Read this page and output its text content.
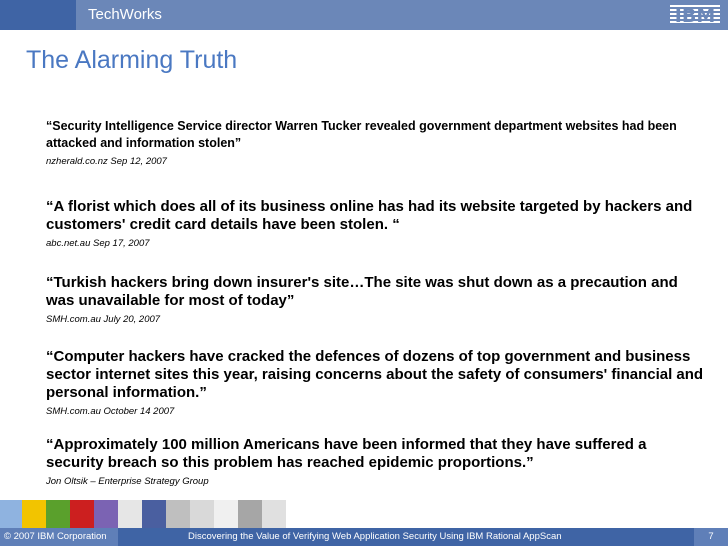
TechWorks	IBM
The Alarming Truth
“Security Intelligence Service director Warren Tucker revealed government department websites had been attacked and information stolen”
nzherald.co.nz Sep 12, 2007
“A florist which does all of its business online has had its website targeted by hackers and customers' credit card details have been stolen. “
abc.net.au Sep 17, 2007
“Turkish hackers bring down insurer's site…The site was shut down as a precaution and was unavailable for most of today”
SMH.com.au July 20, 2007
“Computer hackers have cracked the defences of dozens of top government and business sector internet sites this year, raising concerns about the safety of consumers' financial and personal information.”
SMH.com.au October 14 2007
“Approximately 100 million Americans have been informed that they have suffered a security breach so this problem has reached epidemic proportions.”
Jon Oltsik – Enterprise Strategy Group
© 2007 IBM Corporation	Discovering the Value of Verifying Web Application Security Using IBM Rational AppScan	7
